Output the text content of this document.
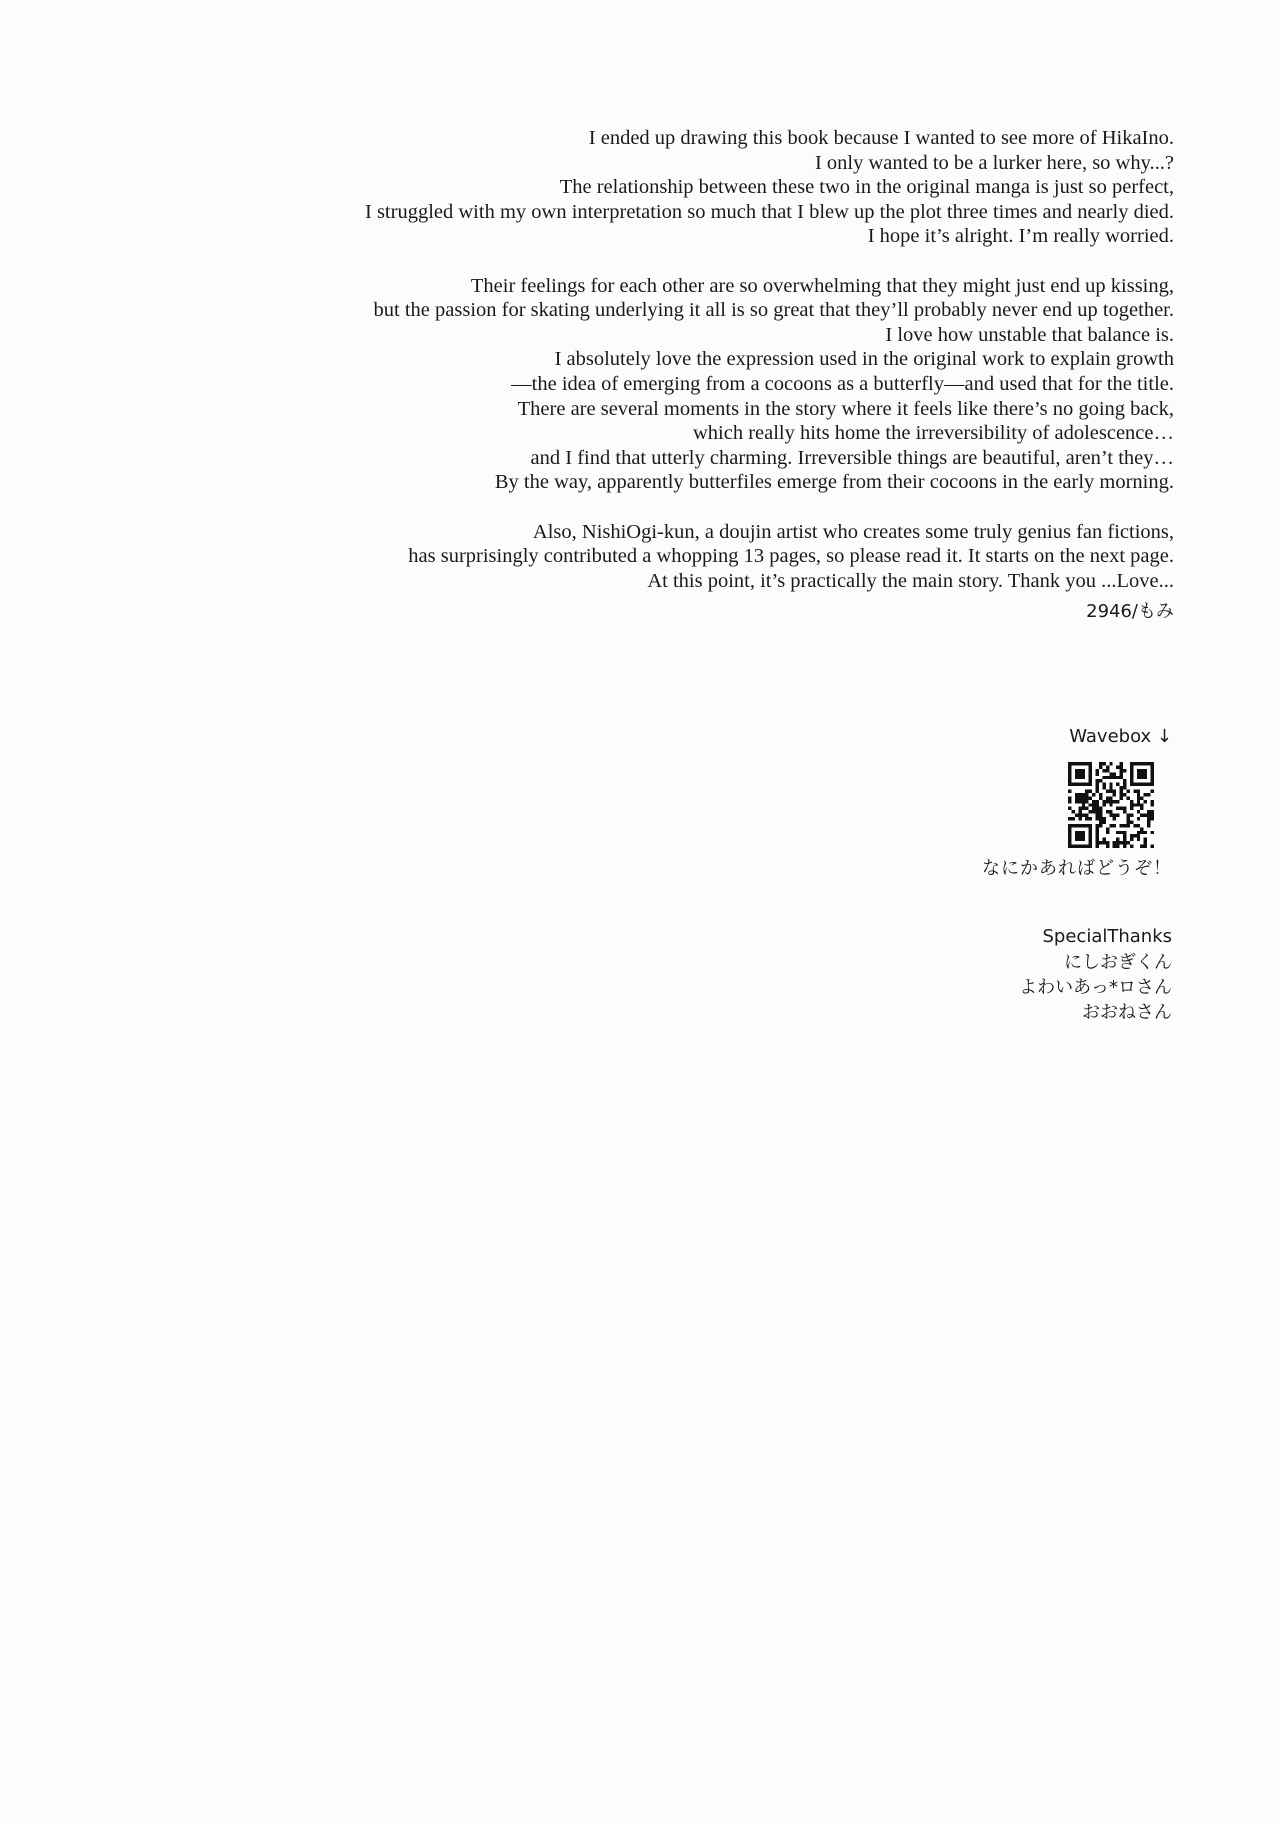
I ended up drawing this book because I wanted to see more of HikaIno.
I only wanted to be a lurker here, so why...?
The relationship between these two in the original manga is just so perfect,
I struggled with my own interpretation so much that I blew up the plot three times and nearly died.
I hope it’s alright. I’m really worried.

Their feelings for each other are so overwhelming that they might just end up kissing,
but the passion for skating underlying it all is so great that they’ll probably never end up together.
I love how unstable that balance is.
I absolutely love the expression used in the original work to explain growth
—the idea of emerging from a cocoons as a butterfly—and used that for the title.
There are several moments in the story where it feels like there’s no going back,
which really hits home the irreversibility of adolescence…
and I find that utterly charming. Irreversible things are beautiful, aren’t they…
By the way, apparently butterfiles emerge from their cocoons in the early morning.

Also, NishiOgi-kun, a doujin artist who creates some truly genius fan fictions,
has surprisingly contributed a whopping 13 pages, so please read it. It starts on the next page.
At this point, it’s practically the main story. Thank you ...Love...

2946/もみ
Wavebox ↓
なにかあればどうぞ！
SpecialThanks
にしおぎくん
よわいあっ*ロさん
おおねさん
